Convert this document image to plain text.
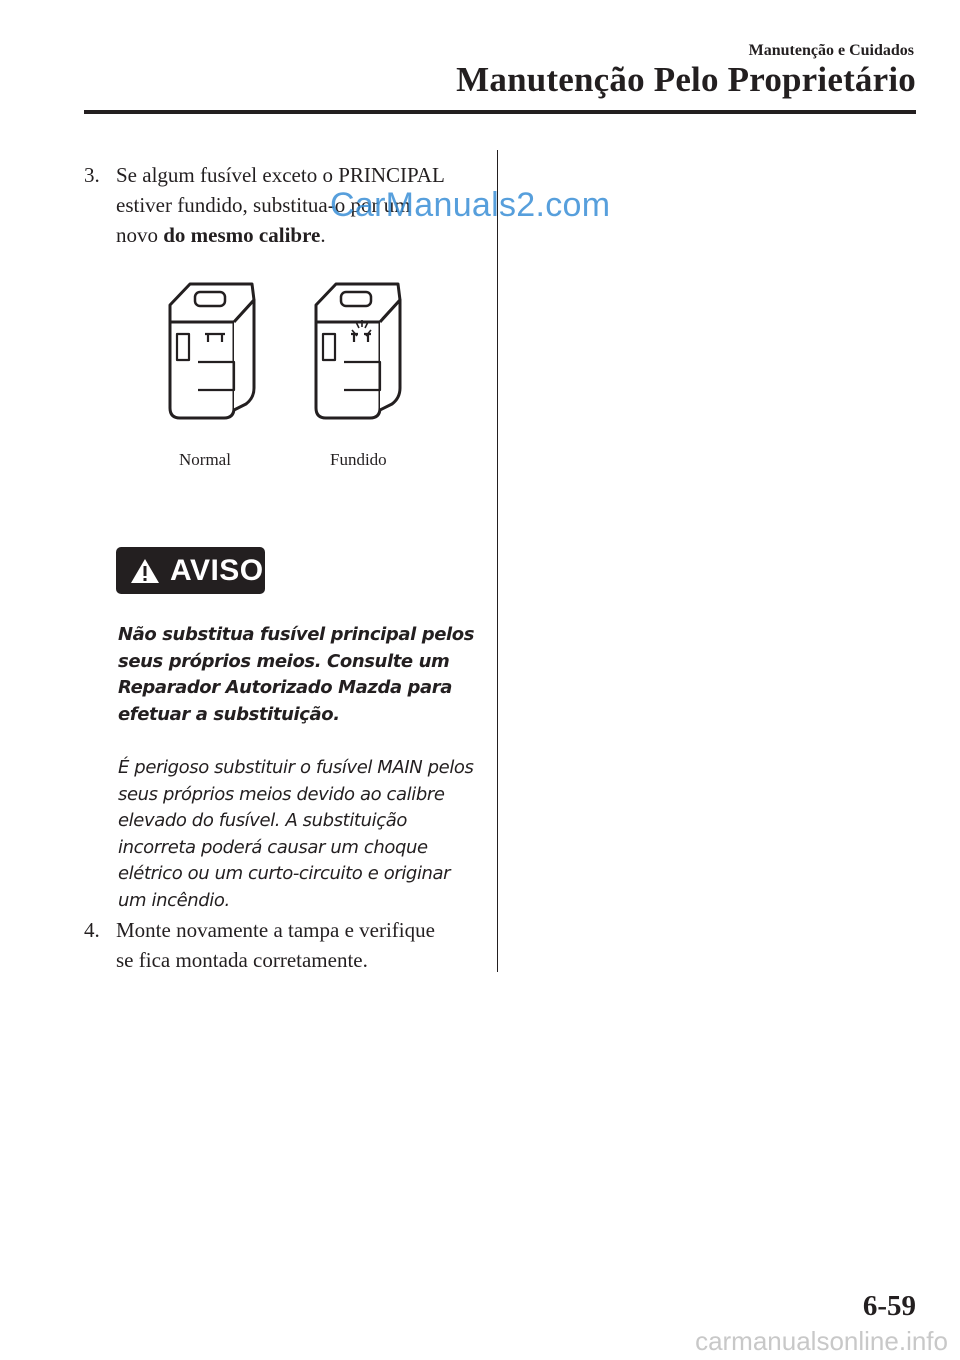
Manutenção e Cuidados
Manutenção Pelo Proprietário
3. Se algum fusível exceto o PRINCIPAL
estiver fundido, substitua-o por um
novo do mesmo calibre.
CarManuals2.com
Normal	Fundido
AVISO
Não substitua fusível principal pelos seus próprios meios. Consulte um Reparador Autorizado Mazda para efetuar a substituição.
É perigoso substituir o fusível MAIN pelos seus próprios meios devido ao calibre elevado do fusível. A substituição incorreta poderá causar um choque elétrico ou um curto-circuito e originar um incêndio.
4. Monte novamente a tampa e verifique
se fica montada corretamente.
6-59
carmanualsonline.info
